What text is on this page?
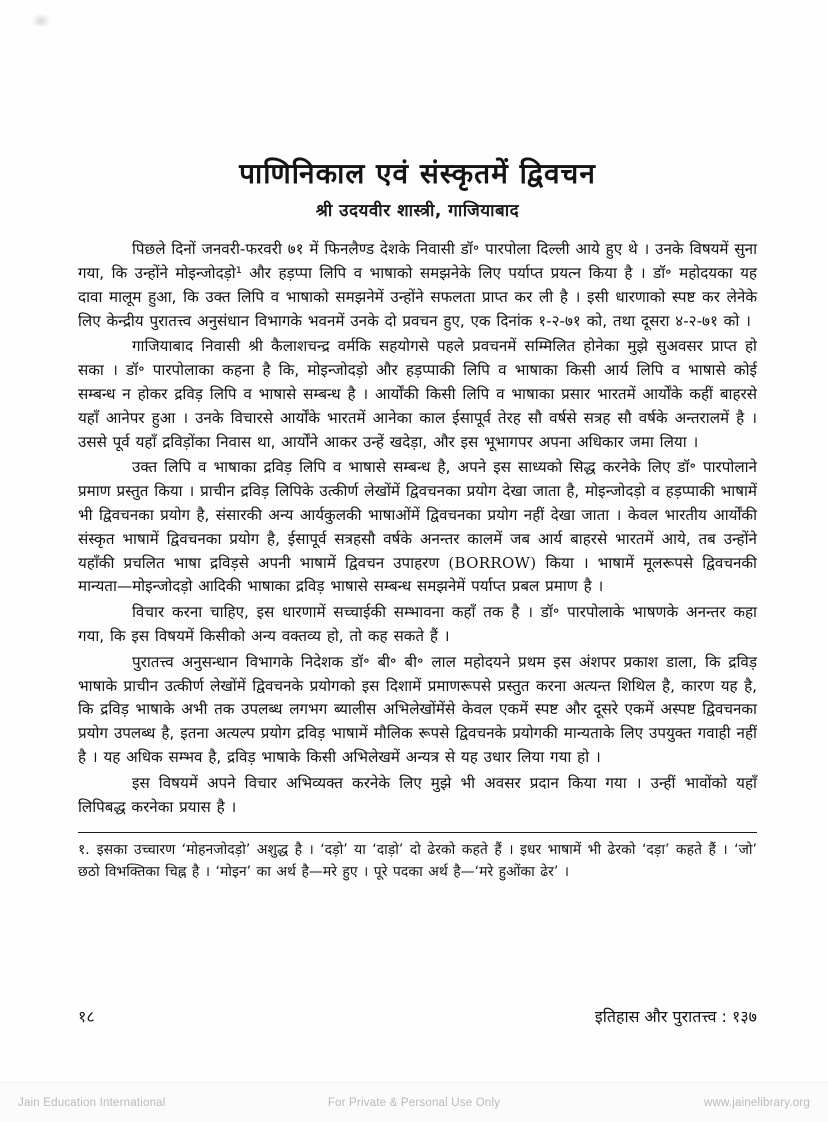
पाणिनिकाल एवं संस्कृतमें द्विवचन
श्री उदयवीर शास्त्री, गाजियाबाद

पिछले दिनों जनवरी-फरवरी ७१ में फिनलैण्ड देशके निवासी डॉ॰ पारपोला दिल्ली आये हुए थे । उनके विषयमें सुना गया, कि उन्होंने मोइन्जोदड़ो¹ और हड़प्पा लिपि व भाषाको समझनेके लिए पर्याप्त प्रयत्न किया है । डॉ॰ महोदयका यह दावा मालूम हुआ, कि उक्त लिपि व भाषाको समझनेमें उन्होंने सफलता प्राप्त कर ली है । इसी धारणाको स्पष्ट कर लेनेके लिए केन्द्रीय पुरातत्त्व अनुसंधान विभागके भवनमें उनके दो प्रवचन हुए, एक दिनांक १-२-७१ को, तथा दूसरा ४-२-७१ को ।

गाजियाबाद निवासी श्री कैलाशचन्द्र वर्मकि सहयोगसे पहले प्रवचनमें सम्मिलित होनेका मुझे सुअवसर प्राप्त हो सका । डॉ॰ पारपोलाका कहना है कि, मोइन्जोदड़ो और हड़प्पाकी लिपि व भाषाका किसी आर्य लिपि व भाषासे कोई सम्बन्ध न होकर द्रविड़ लिपि व भाषासे सम्बन्ध है । आर्योंकी किसी लिपि व भाषाका प्रसार भारतमें आर्योंके कहीं बाहरसे यहाँ आनेपर हुआ । उनके विचारसे आर्योंके भारतमें आनेका काल ईसापूर्व तेरह सौ वर्षसे सत्रह सौ वर्षके अन्तरालमें है । उससे पूर्व यहाँ द्रविड़ोंका निवास था, आर्योंने आकर उन्हें खदेड़ा, और इस भूभागपर अपना अधिकार जमा लिया ।

उक्त लिपि व भाषाका द्रविड़ लिपि व भाषासे सम्बन्ध है, अपने इस साध्यको सिद्ध करनेके लिए डॉ॰ पारपोलाने प्रमाण प्रस्तुत किया । प्राचीन द्रविड़ लिपिके उत्कीर्ण लेखोंमें द्विवचनका प्रयोग देखा जाता है, मोइन्जोदड़ो व हड़प्पाकी भाषामें भी द्विवचनका प्रयोग है, संसारकी अन्य आर्यकुलकी भाषाओंमें द्विवचनका प्रयोग नहीं देखा जाता । केवल भारतीय आर्योंकी संस्कृत भाषामें द्विवचनका प्रयोग है, ईसापूर्व सत्रहसौ वर्षके अनन्तर कालमें जब आर्य बाहरसे भारतमें आये, तब उन्होंने यहाँकी प्रचलित भाषा द्रविड़से अपनी भाषामें द्विवचन उपाहरण (BORROW) किया । भाषामें मूलरूपसे द्विवचनकी मान्यता—मोइन्जोदड़ो आदिकी भाषाका द्रविड़ भाषासे सम्बन्ध समझनेमें पर्याप्त प्रबल प्रमाण है ।

विचार करना चाहिए, इस धारणामें सच्चाईकी सम्भावना कहाँ तक है । डॉ॰ पारपोलाके भाषणके अनन्तर कहा गया, कि इस विषयमें किसीको अन्य वक्तव्य हो, तो कह सकते हैं ।

पुरातत्त्व अनुसन्धान विभागके निदेशक डॉ॰ बी॰ बी॰ लाल महोदयने प्रथम इस अंशपर प्रकाश डाला, कि द्रविड़ भाषाके प्राचीन उत्कीर्ण लेखोंमें द्विवचनके प्रयोगको इस दिशामें प्रमाणरूपसे प्रस्तुत करना अत्यन्त शिथिल है, कारण यह है, कि द्रविड़ भाषाके अभी तक उपलब्ध लगभग ब्यालीस अभिलेखोंमेंसे केवल एकमें स्पष्ट और दूसरे एकमें अस्पष्ट द्विवचनका प्रयोग उपलब्ध है, इतना अत्यल्प प्रयोग द्रविड़ भाषामें मौलिक रूपसे द्विवचनके प्रयोगकी मान्यताके लिए उपयुक्त गवाही नहीं है । यह अधिक सम्भव है, द्रविड़ भाषाके किसी अभिलेखमें अन्यत्र से यह उधार लिया गया हो ।

इस विषयमें अपने विचार अभिव्यक्त करनेके लिए मुझे भी अवसर प्रदान किया गया । उन्हीं भावोंको यहाँ लिपिबद्ध करनेका प्रयास है ।

१. इसका उच्चारण ‘मोहनजोदड़ो’ अशुद्ध है । ‘दड़ो’ या ‘दाड़ो’ दो ढेरको कहते हैं । इधर भाषामें भी ढेरको ‘दड़ा’ कहते हैं । ‘जो’ छठो विभक्तिका चिह्न है । ‘मोइन’ का अर्थ है—मरे हुए । पूरे पदका अर्थ है—‘मरे हुओंका ढेर’ ।

१८	इतिहास और पुरातत्त्व : १३७
Jain Education International	For Private & Personal Use Only	www.jainelibrary.org
